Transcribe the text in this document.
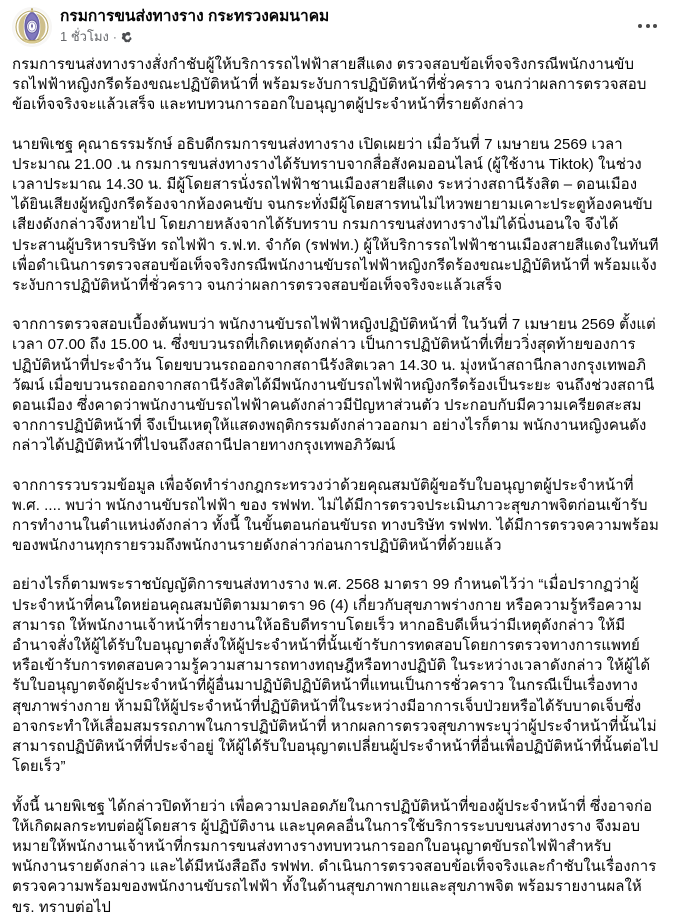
กรมการขนส่งทางราง กระทรวงคมนาคม
1 ชั่วโมง ·

กรมการขนส่งทางรางสั่งกำชับผู้ให้บริการรถไฟฟ้าสายสีแดง ตรวจสอบข้อเท็จจริงกรณีพนักงานขับรถไฟฟ้าหญิงกรีดร้องขณะปฏิบัติหน้าที่ พร้อมระงับการปฏิบัติหน้าที่ชั่วคราว จนกว่าผลการตรวจสอบข้อเท็จจริงจะแล้วเสร็จ และทบทวนการออกใบอนุญาตผู้ประจำหน้าที่รายดังกล่าว

นายพิเชฐ คุณาธรรมรักษ์ อธิบดีกรมการขนส่งทางราง เปิดเผยว่า เมื่อวันที่ 7 เมษายน 2569 เวลาประมาณ 21.00 .น กรมการขนส่งทางรางได้รับทราบจากสื่อสังคมออนไลน์ (ผู้ใช้งาน Tiktok) ในช่วงเวลาประมาณ 14.30 น. มีผู้โดยสารนั่งรถไฟฟ้าชานเมืองสายสีแดง ระหว่างสถานีรังสิต – ดอนเมือง ได้ยินเสียงผู้หญิงกรีดร้องจากห้องคนขับ จนกระทั่งมีผู้โดยสารทนไม่ไหวพยายามเคาะประตูห้องคนขับ เสียงดังกล่าวจึงหายไป โดยภายหลังจากได้รับทราบ กรมการขนส่งทางรางไม่ได้นิ่งนอนใจ จึงได้ประสานผู้บริหารบริษัท รถไฟฟ้า ร.ฟ.ท. จำกัด (รฟฟท.) ผู้ให้บริการรถไฟฟ้าชานเมืองสายสีแดงในทันที เพื่อดำเนินการตรวจสอบข้อเท็จจริงกรณีพนักงานขับรถไฟฟ้าหญิงกรีดร้องขณะปฏิบัติหน้าที่ พร้อมแจ้งระงับการปฏิบัติหน้าที่ชั่วคราว จนกว่าผลการตรวจสอบข้อเท็จจริงจะแล้วเสร็จ

จากการตรวจสอบเบื้องต้นพบว่า พนักงานขับรถไฟฟ้าหญิงปฏิบัติหน้าที่ ในวันที่ 7 เมษายน 2569 ตั้งแต่เวลา 07.00 ถึง 15.00 น. ซึ่งขบวนรถที่เกิดเหตุดังกล่าว เป็นการปฏิบัติหน้าที่เที่ยววิ่งสุดท้ายของการปฏิบัติหน้าที่ประจำวัน โดยขบวนรถออกจากสถานีรังสิตเวลา 14.30 น. มุ่งหน้าสถานีกลางกรุงเทพอภิวัฒน์ เมื่อขบวนรถออกจากสถานีรังสิตได้มีพนักงานขับรถไฟฟ้าหญิงกรีดร้องเป็นระยะ จนถึงช่วงสถานีดอนเมือง ซึ่งคาดว่าพนักงานขับรถไฟฟ้าคนดังกล่าวมีปัญหาส่วนตัว ประกอบกับมีความเครียดสะสมจากการปฏิบัติหน้าที่ จึงเป็นเหตุให้แสดงพฤติกรรมดังกล่าวออกมา อย่างไรก็ตาม พนักงานหญิงคนดังกล่าวได้ปฏิบัติหน้าที่ไปจนถึงสถานีปลายทางกรุงเทพอภิวัฒน์

จากการรวบรวมข้อมูล เพื่อจัดทำร่างกฎกระทรวงว่าด้วยคุณสมบัติผู้ขอรับใบอนุญาตผู้ประจำหน้าที่ พ.ศ. .... พบว่า พนักงานขับรถไฟฟ้า ของ รฟฟท. ไม่ได้มีการตรวจประเมินภาวะสุขภาพจิตก่อนเข้ารับการทำงานในตำแหน่งดังกล่าว ทั้งนี้ ในขั้นตอนก่อนขับรถ ทางบริษัท รฟฟท. ได้มีการตรวจความพร้อมของพนักงานทุกรายรวมถึงพนักงานรายดังกล่าวก่อนการปฏิบัติหน้าที่ด้วยแล้ว

อย่างไรก็ตามพระราชบัญญัติการขนส่งทางราง พ.ศ. 2568 มาตรา 99 กำหนดไว้ว่า “เมื่อปรากฏว่าผู้ประจำหน้าที่คนใดหย่อนคุณสมบัติตามมาตรา 96 (4) เกี่ยวกับสุขภาพร่างกาย หรือความรู้หรือความสามารถ ให้พนักงานเจ้าหน้าที่รายงานให้อธิบดีทราบโดยเร็ว หากอธิบดีเห็นว่ามีเหตุดังกล่าว ให้มีอำนาจสั่งให้ผู้ได้รับใบอนุญาตสั่งให้ผู้ประจำหน้าที่นั้นเข้ารับการทดสอบโดยการตรวจทางการแพทย์ หรือเข้ารับการทดสอบความรู้ความสามารถทางทฤษฎีหรือทางปฏิบัติ ในระหว่างเวลาดังกล่าว ให้ผู้ได้รับใบอนุญาตจัดผู้ประจำหน้าที่ผู้อื่นมาปฏิบัติปฏิบัติหน้าที่แทนเป็นการชั่วคราว ในกรณีเป็นเรื่องทางสุขภาพร่างกาย ห้ามมิให้ผู้ประจำหน้าที่ปฏิบัติหน้าที่ในระหว่างมีอาการเจ็บป่วยหรือได้รับบาดเจ็บซึ่งอาจกระทำให้เสื่อมสมรรถภาพในการปฏิบัติหน้าที่ หากผลการตรวจสุขภาพระบุว่าผู้ประจำหน้าที่นั้นไม่สามารถปฏิบัติหน้าที่ที่ประจำอยู่ ให้ผู้ได้รับใบอนุญาตเปลี่ยนผู้ประจำหน้าที่อื่นเพื่อปฏิบัติหน้าที่นั้นต่อไปโดยเร็ว”

ทั้งนี้ นายพิเชฐ ได้กล่าวปิดท้ายว่า เพื่อความปลอดภัยในการปฏิบัติหน้าที่ของผู้ประจำหน้าที่ ซึ่งอาจก่อให้เกิดผลกระทบต่อผู้โดยสาร ผู้ปฏิบัติงาน และบุคคลอื่นในการใช้บริการระบบขนส่งทางราง จึงมอบหมายให้พนักงานเจ้าหน้าที่กรมการขนส่งทางรางทบทวนการออกใบอนุญาตขับรถไฟฟ้าสำหรับพนักงานรายดังกล่าว และได้มีหนังสือถึง รฟฟท. ดำเนินการตรวจสอบข้อเท็จจริงและกำชับในเรื่องการตรวจความพร้อมของพนักงานขับรถไฟฟ้า ทั้งในด้านสุขภาพกายและสุขภาพจิต พร้อมรายงานผลให้ ขร. ทราบต่อไป
